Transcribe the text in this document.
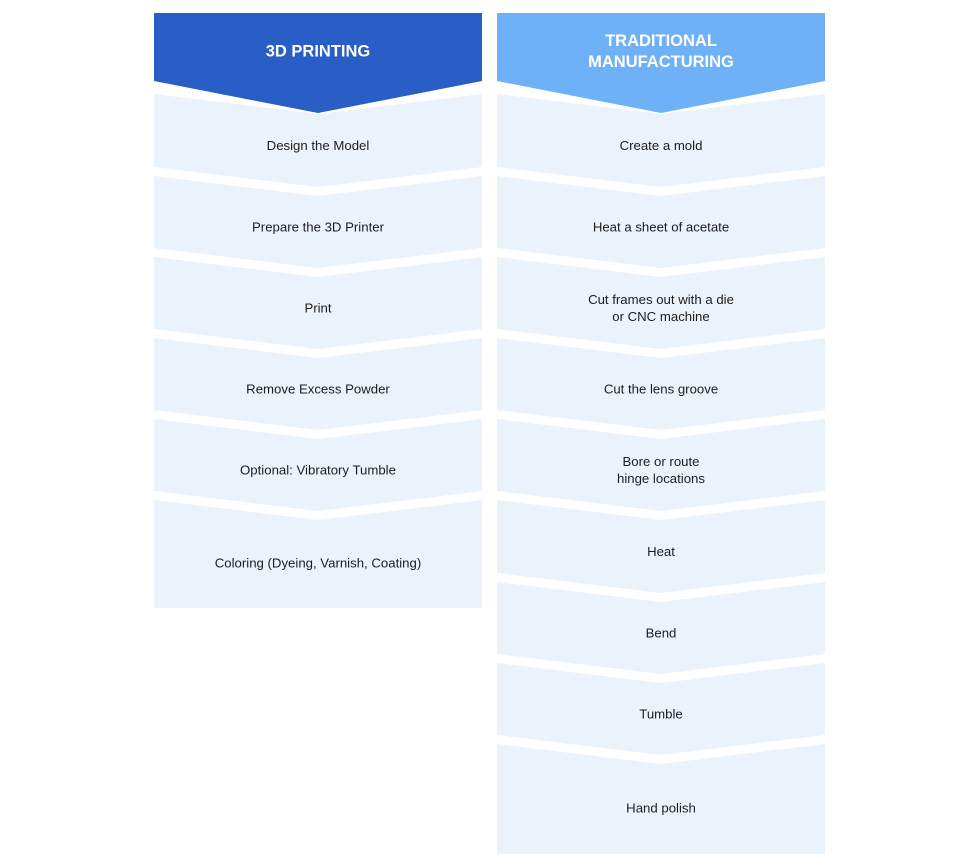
3D PRINTING
Design the Model
Prepare the 3D Printer
Print
Remove Excess Powder
Optional: Vibratory Tumble
Coloring (Dyeing, Varnish, Coating)
TRADITIONAL
MANUFACTURING
Create a mold
Heat a sheet of acetate
Cut frames out with a die
or CNC machine
Cut the lens groove
Bore or route
hinge locations
Heat
Bend
Tumble
Hand polish
